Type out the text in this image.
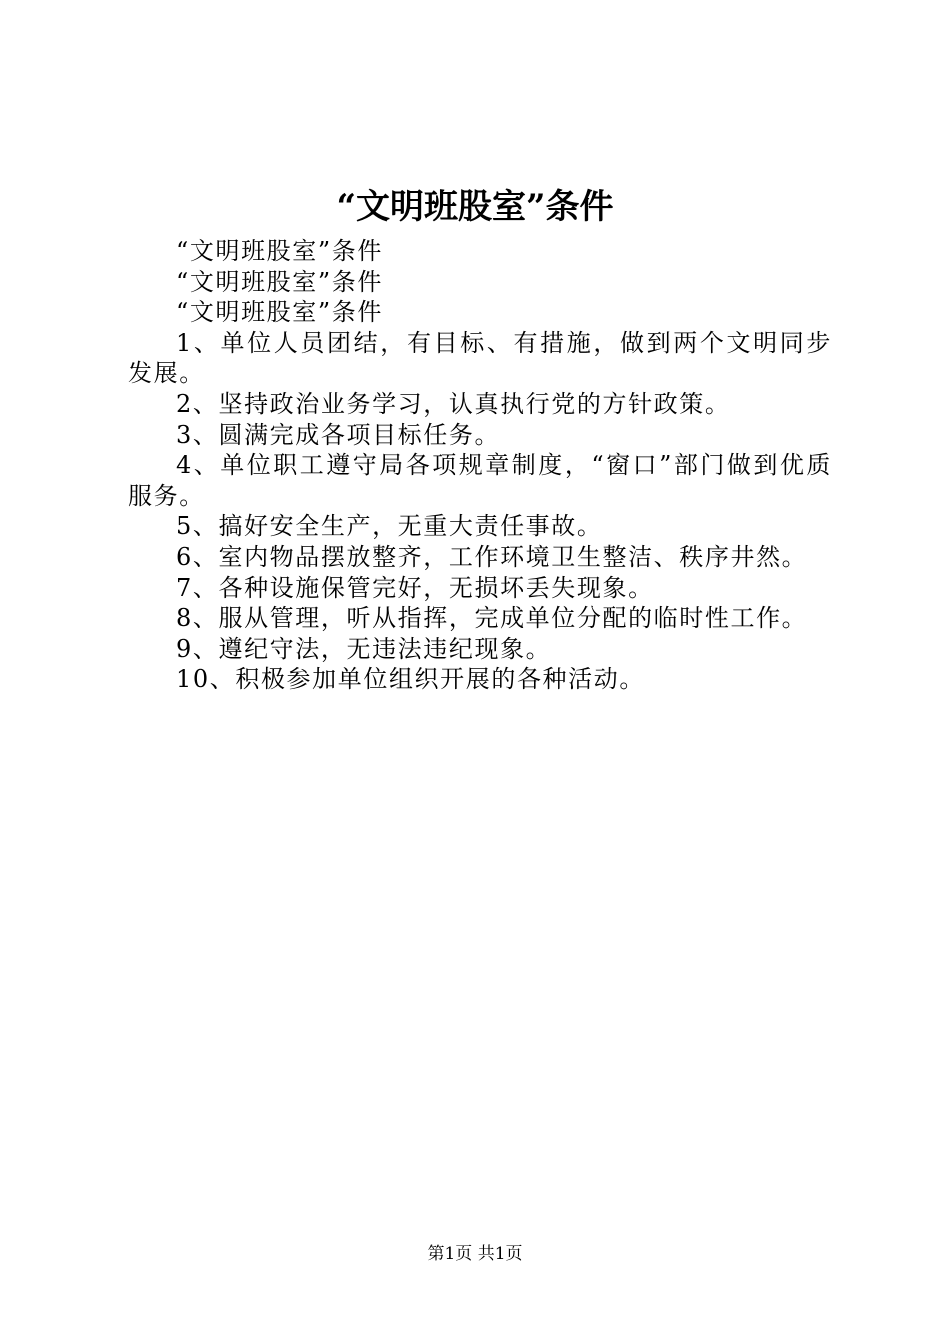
“文明班股室”条件

“文明班股室”条件

“文明班股室”条件

“文明班股室”条件

1、单位人员团结，有目标、有措施，做到两个文明同步发展。

2、坚持政治业务学习，认真执行党的方针政策。

3、圆满完成各项目标任务。

4、单位职工遵守局各项规章制度，“窗口”部门做到优质服务。

5、搞好安全生产，无重大责任事故。

6、室内物品摆放整齐，工作环境卫生整洁、秩序井然。

7、各种设施保管完好，无损坏丢失现象。

8、服从管理，听从指挥，完成单位分配的临时性工作。

9、遵纪守法，无违法违纪现象。

10、积极参加单位组织开展的各种活动。

第1页 共1页
